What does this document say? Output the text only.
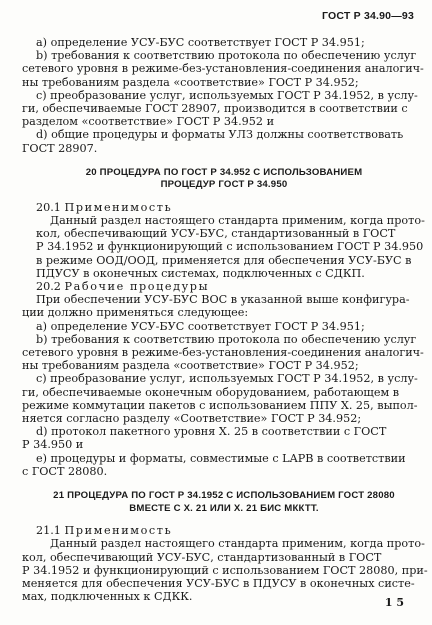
ГОСТ Р 34.90—93
а) определение УСУ-БУС соответствует ГОСТ Р 34.951;
b) требования к соответствию протокола по обеспечению услуг
сетевого уровня в режиме-без-установления-соединения аналогич-
ны требованиям раздела «соответствие» ГОСТ Р 34.952;
с) преобразование услуг, используемых ГОСТ Р 34.1952, в услу-
ги, обеспечиваемые ГОСТ 28907, производится в соответствии с
разделом «соответствие» ГОСТ Р 34.952 и
d) общие процедуры и форматы УЛЗ должны соответствовать
ГОСТ 28907.
20 ПРОЦЕДУРА ПО ГОСТ Р 34.952 С ИСПОЛЬЗОВАНИЕМ
ПРОЦЕДУР ГОСТ Р 34.950
20.1 Применимость
Данный раздел настоящего стандарта применим, когда прото-
кол, обеспечивающий УСУ-БУС, стандартизованный в ГОСТ
Р 34.1952 и функционирующий с использованием ГОСТ Р 34.950
в режиме ООД/ООД, применяется для обеспечения УСУ-БУС в
ПДУСУ в оконечных системах, подключенных с СДКП.
20.2 Рабочие процедуры
При обеспечении УСУ-БУС ВОС в указанной выше конфигура-
ции должно применяться следующее:
а) определение УСУ-БУС соответствует ГОСТ Р 34.951;
b) требования к соответствию протокола по обеспечению услуг
сетевого уровня в режиме-без-установления-соединения аналогич-
ны требованиям раздела «соответствие» ГОСТ Р 34.952;
с) преобразование услуг, используемых ГОСТ Р 34.1952, в услу-
ги, обеспечиваемые оконечным оборудованием, работающем в
режиме коммутации пакетов с использованием ППУ Х. 25, выпол-
няется согласно разделу «Соответствие» ГОСТ Р 34.952;
d) протокол пакетного уровня Х. 25 в соответствии с ГОСТ
Р 34.950 и
е) процедуры и форматы, совместимые с LAPB в соответствии
с ГОСТ 28080.
21 ПРОЦЕДУРА ПО ГОСТ Р 34.1952 С ИСПОЛЬЗОВАНИЕМ ГОСТ 28080
ВМЕСТЕ С Х. 21 ИЛИ Х. 21 БИС МККТТ.
21.1 Применимость
Данный раздел настоящего стандарта применим, когда прото-
кол, обеспечивающий УСУ-БУС, стандартизованный в ГОСТ
Р 34.1952 и функционирующий с использованием ГОСТ 28080, при-
меняется для обеспечения УСУ-БУС в ПДУСУ в оконечных систе-
мах, подключенных к СДКК.	1 5
